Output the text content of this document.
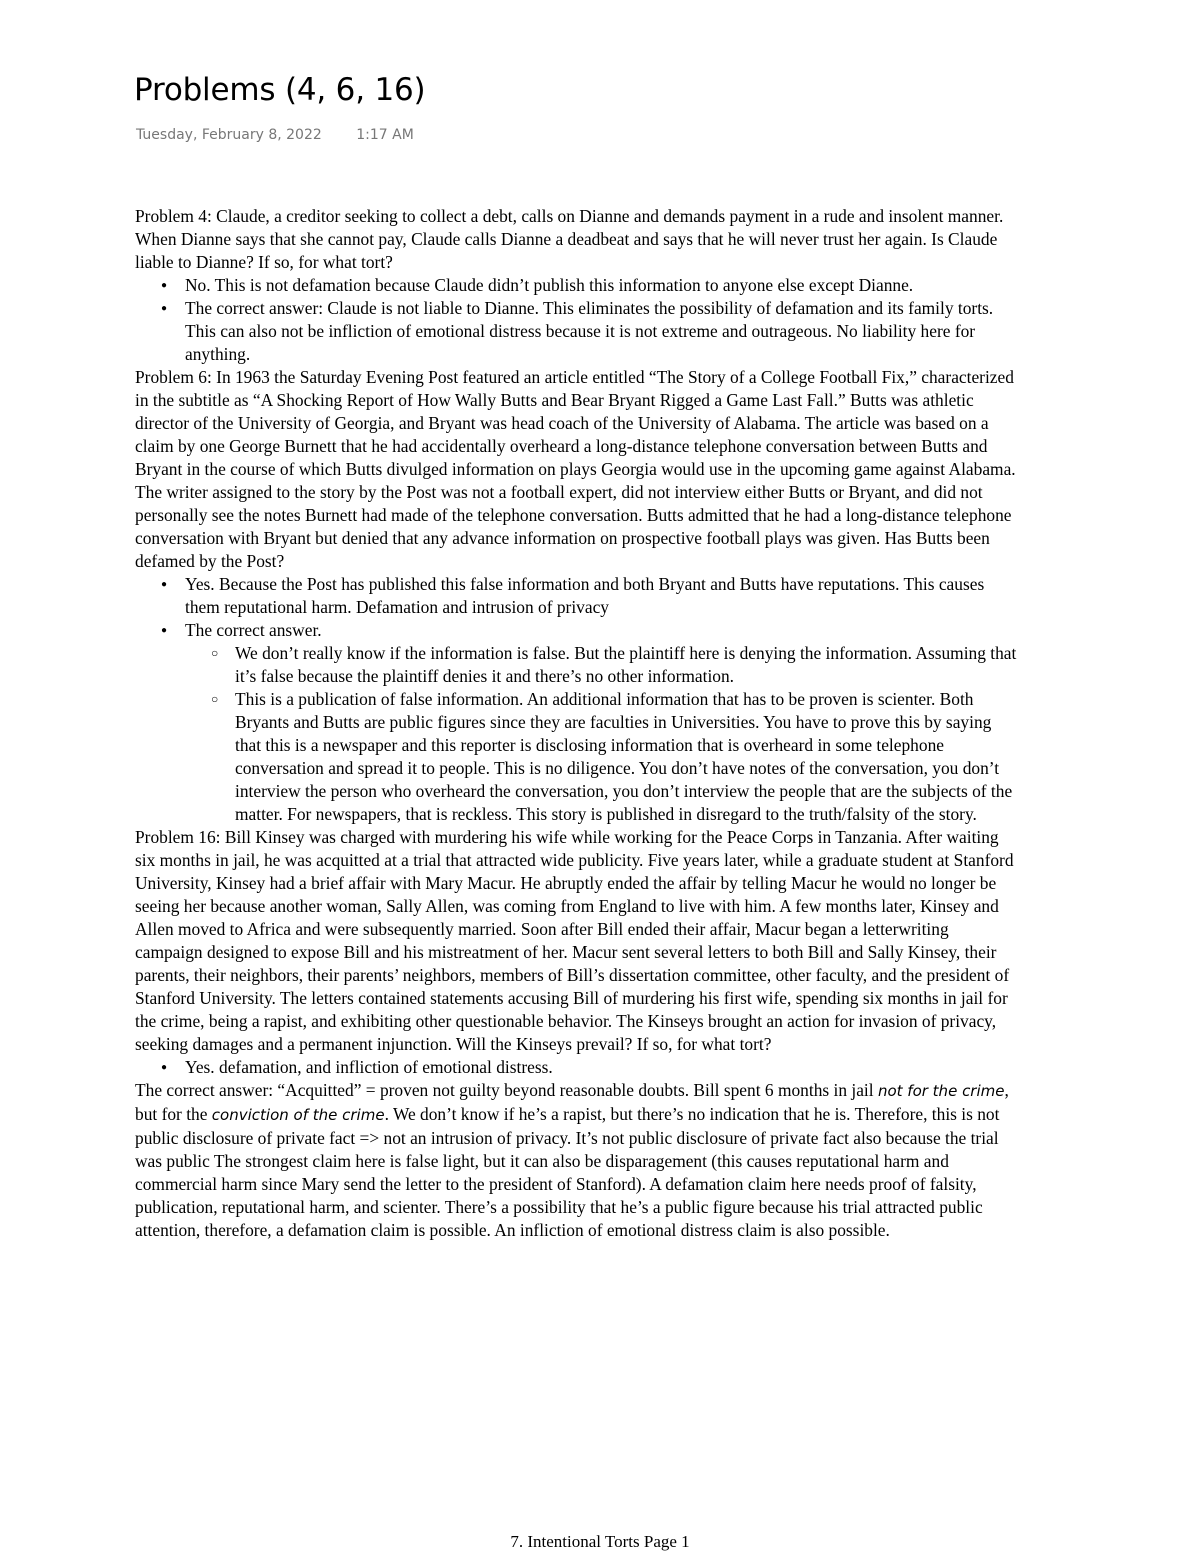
Problems (4, 6, 16)
Tuesday, February 8, 2022 1:17 AM

Problem 4: Claude, a creditor seeking to collect a debt, calls on Dianne and demands payment in a rude and insolent manner. When Dianne says that she cannot pay, Claude calls Dianne a deadbeat and says that he will never trust her again. Is Claude liable to Dianne? If so, for what tort?

● No. This is not defamation because Claude didn’t publish this information to anyone else except Dianne.
● The correct answer: Claude is not liable to Dianne. This eliminates the possibility of defamation and its family torts. This can also not be infliction of emotional distress because it is not extreme and outrageous. No liability here for anything.

Problem 6: In 1963 the Saturday Evening Post featured an article entitled “The Story of a College Football Fix,” characterized in the subtitle as “A Shocking Report of How Wally Butts and Bear Bryant Rigged a Game Last Fall.” Butts was athletic director of the University of Georgia, and Bryant was head coach of the University of Alabama. The article was based on a claim by one George Burnett that he had accidentally overheard a long-distance telephone conversation between Butts and Bryant in the course of which Butts divulged information on plays Georgia would use in the upcoming game against Alabama. The writer assigned to the story by the Post was not a football expert, did not interview either Butts or Bryant, and did not personally see the notes Burnett had made of the telephone conversation. Butts admitted that he had a long-distance telephone conversation with Bryant but denied that any advance information on prospective football plays was given. Has Butts been defamed by the Post?

● Yes. Because the Post has published this false information and both Bryant and Butts have reputations. This causes them reputational harm. Defamation and intrusion of privacy
● The correct answer.
○ We don’t really know if the information is false. But the plaintiff here is denying the information. Assuming that it’s false because the plaintiff denies it and there’s no other information.
○ This is a publication of false information. An additional information that has to be proven is scienter. Both Bryants and Butts are public figures since they are faculties in Universities. You have to prove this by saying that this is a newspaper and this reporter is disclosing information that is overheard in some telephone conversation and spread it to people. This is no diligence. You don’t have notes of the conversation, you don’t interview the person who overheard the conversation, you don’t interview the people that are the subjects of the matter. For newspapers, that is reckless. This story is published in disregard to the truth/falsity of the story.

Problem 16: Bill Kinsey was charged with murdering his wife while working for the Peace Corps in Tanzania. After waiting six months in jail, he was acquitted at a trial that attracted wide publicity. Five years later, while a graduate student at Stanford University, Kinsey had a brief affair with Mary Macur. He abruptly ended the affair by telling Macur he would no longer be seeing her because another woman, Sally Allen, was coming from England to live with him. A few months later, Kinsey and Allen moved to Africa and were subsequently married. Soon after Bill ended their affair, Macur began a letterwriting campaign designed to expose Bill and his mistreatment of her. Macur sent several letters to both Bill and Sally Kinsey, their parents, their neighbors, their parents’ neighbors, members of Bill’s dissertation committee, other faculty, and the president of Stanford University. The letters contained statements accusing Bill of murdering his first wife, spending six months in jail for the crime, being a rapist, and exhibiting other questionable behavior. The Kinseys brought an action for invasion of privacy, seeking damages and a permanent injunction. Will the Kinseys prevail? If so, for what tort?

● Yes. defamation, and infliction of emotional distress.

The correct answer: “Acquitted” = proven not guilty beyond reasonable doubts. Bill spent 6 months in jail not for the crime, but for the conviction of the crime. We don’t know if he’s a rapist, but there’s no indication that he is. Therefore, this is not public disclosure of private fact => not an intrusion of privacy. It’s not public disclosure of private fact also because the trial was public The strongest claim here is false light, but it can also be disparagement (this causes reputational harm and commercial harm since Mary send the letter to the president of Stanford). A defamation claim here needs proof of falsity, publication, reputational harm, and scienter. There’s a possibility that he’s a public figure because his trial attracted public attention, therefore, a defamation claim is possible. An infliction of emotional distress claim is also possible.

7. Intentional Torts Page 1
